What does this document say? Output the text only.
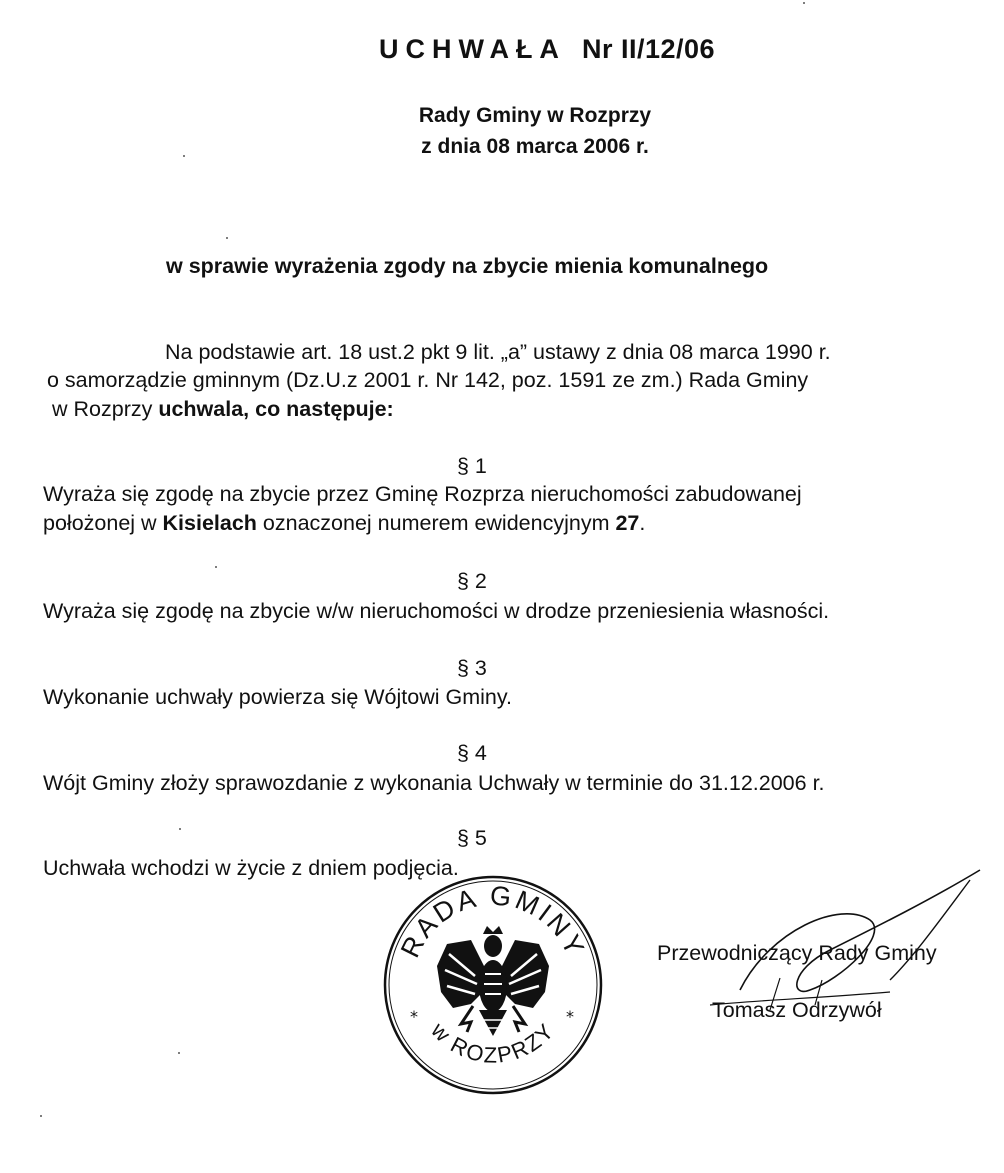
UCHWAŁA Nr II/12/06
Rady Gminy w Rozprzy
z dnia 08 marca 2006 r.
w sprawie wyrażenia zgody na zbycie mienia komunalnego
Na podstawie art. 18 ust.2 pkt 9 lit. „a” ustawy z dnia 08 marca 1990 r.
o samorządzie gminnym (Dz.U.z 2001 r. Nr 142, poz. 1591 ze zm.) Rada Gminy
w Rozprzy uchwala, co następuje:
§ 1
Wyraża się zgodę na zbycie przez Gminę Rozprza nieruchomości zabudowanej
położonej w Kisielach oznaczonej numerem ewidencyjnym 27.
§ 2
Wyraża się zgodę na zbycie w/w nieruchomości w drodze przeniesienia własności.
§ 3
Wykonanie uchwały powierza się Wójtowi Gminy.
§ 4
Wójt Gminy złoży sprawozdanie z wykonania Uchwały w terminie do 31.12.2006 r.
§ 5
Uchwała wchodzi w życie z dniem podjęcia.
RADA GMINY
w ROZPRZY
*	*
Przewodniczący Rady Gminy
Tomasz Odrzywół
